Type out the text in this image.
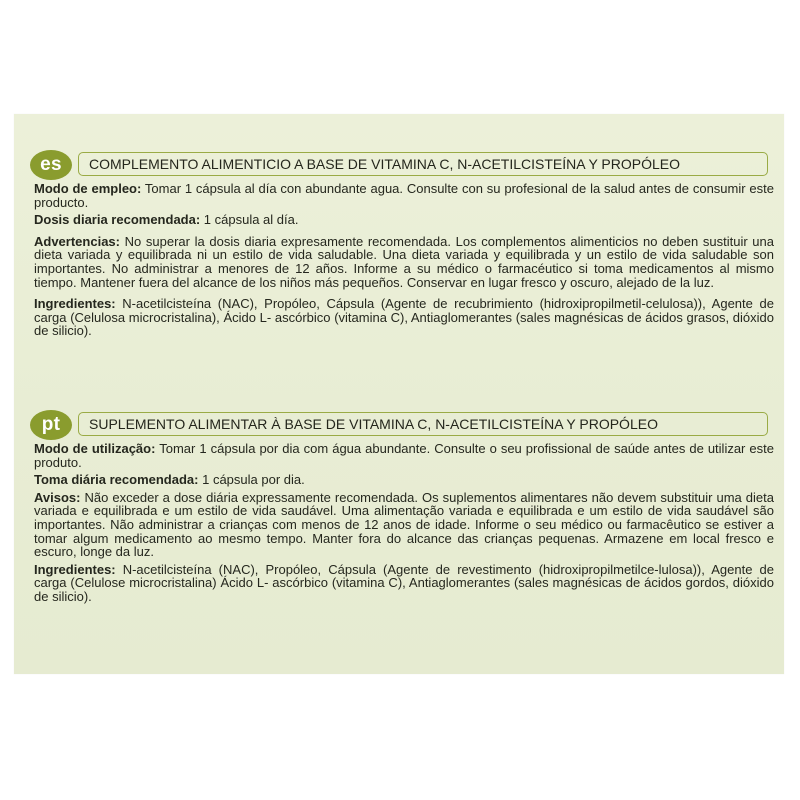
es	COMPLEMENTO ALIMENTICIO A BASE DE VITAMINA C, N-ACETILCISTEÍNA Y PROPÓLEO

Modo de empleo: Tomar 1 cápsula al día con abundante agua. Consulte con su profesional de la salud antes de consumir este producto.

Dosis diaria recomendada: 1 cápsula al día.

Advertencias: No superar la dosis diaria expresamente recomendada. Los complementos alimenticios no deben sustituir una dieta variada y equilibrada ni un estilo de vida saludable. Una dieta variada y equilibrada y un estilo de vida saludable son importantes. No administrar a menores de 12 años. Informe a su médico o farmacéutico si toma medicamentos al mismo tiempo. Mantener fuera del alcance de los niños más pequeños. Conservar en lugar fresco y oscuro, alejado de la luz.

Ingredientes: N-acetilcisteína (NAC), Propóleo, Cápsula (Agente de recubrimiento (hidroxipropilmetil-celulosa)), Agente de carga (Celulosa microcristalina), Ácido L- ascórbico (vitamina C), Antiaglomerantes (sales magnésicas de ácidos grasos, dióxido de silicio).

pt	SUPLEMENTO ALIMENTAR À BASE DE VITAMINA C, N-ACETILCISTEÍNA Y PROPÓLEO

Modo de utilização: Tomar 1 cápsula por dia com água abundante. Consulte o seu profissional de saúde antes de utilizar este produto.

Toma diária recomendada: 1 cápsula por dia.

Avisos: Não exceder a dose diária expressamente recomendada. Os suplementos alimentares não devem substituir uma dieta variada e equilibrada e um estilo de vida saudável. Uma alimentação variada e equilibrada e um estilo de vida saudável são importantes. Não administrar a crianças com menos de 12 anos de idade. Informe o seu médico ou farmacêutico se estiver a tomar algum medicamento ao mesmo tempo. Manter fora do alcance das crianças pequenas. Armazene em local fresco e escuro, longe da luz.

Ingredientes: N-acetilcisteína (NAC), Propóleo, Cápsula (Agente de revestimento (hidroxipropilmetilce-lulosa)), Agente de carga (Celulose microcristalina) Ácido L- ascórbico (vitamina C), Antiaglomerantes (sales magnésicas de ácidos gordos, dióxido de silicio).
